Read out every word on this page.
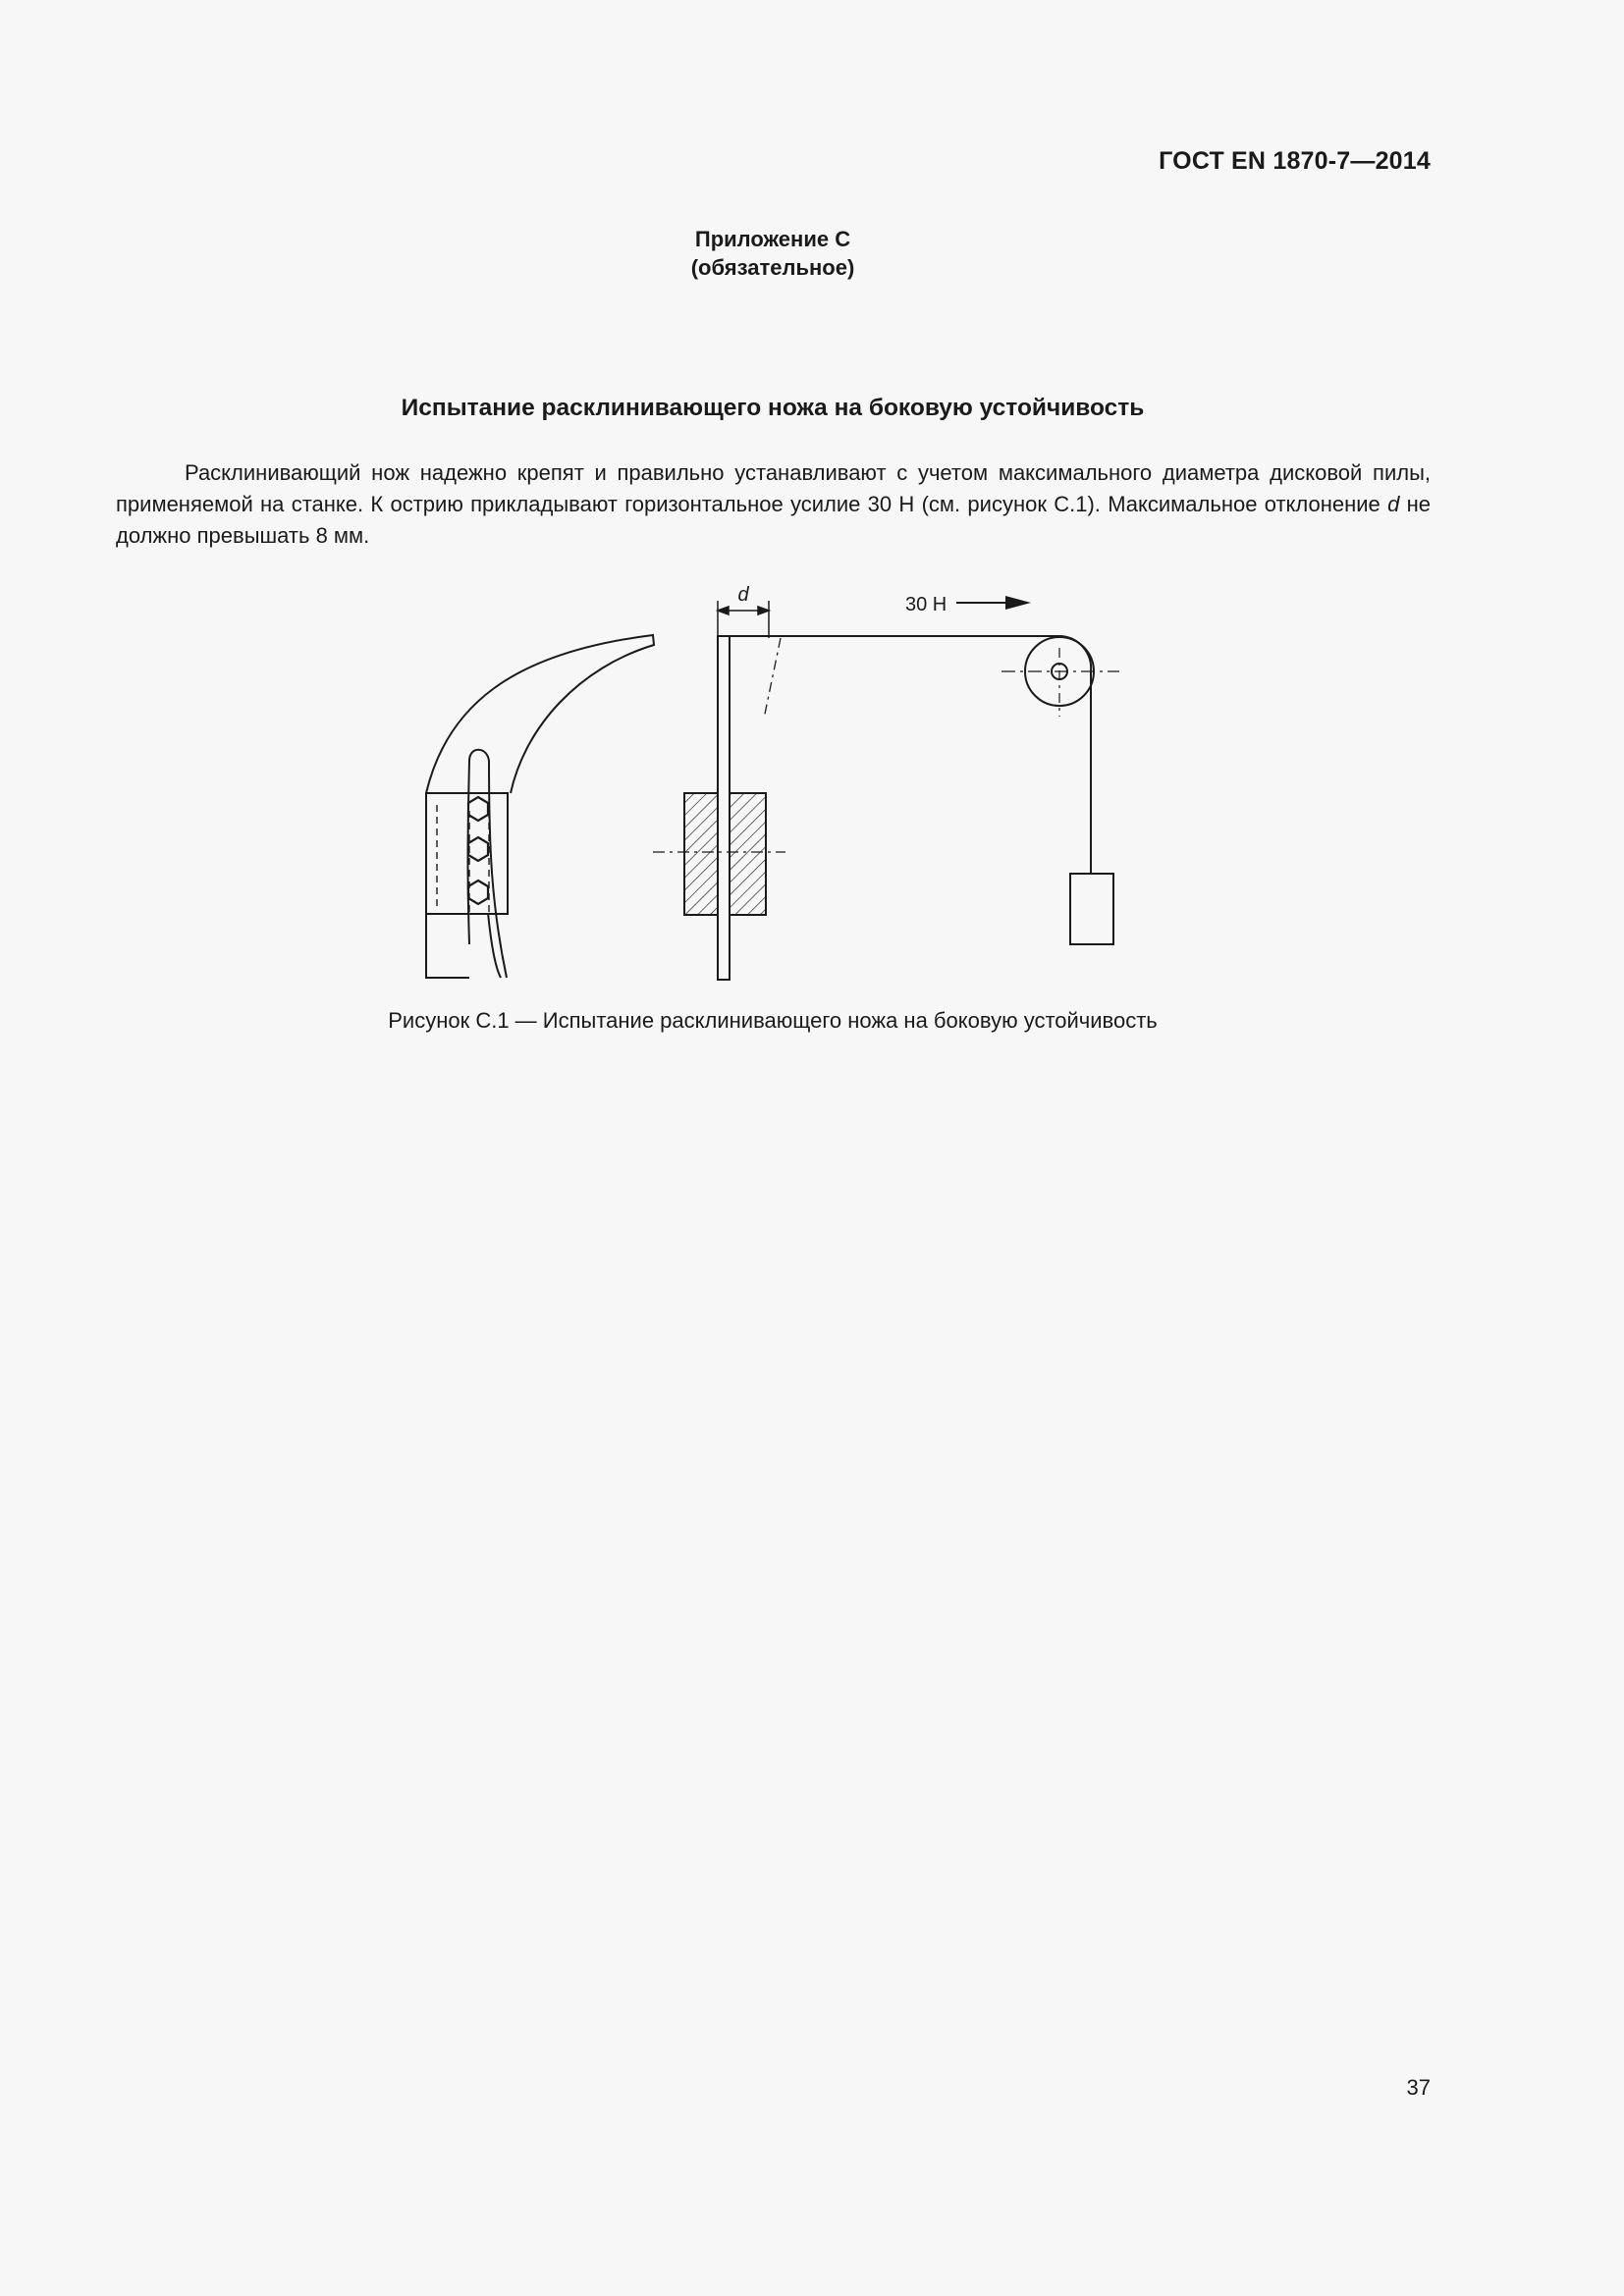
ГОСТ EN 1870-7—2014
Приложение С
(обязательное)
Испытание расклинивающего ножа на боковую устойчивость

Расклинивающий нож надежно крепят и правильно устанавливают с учетом максимального диаметра дисковой пилы, применяемой на станке. К острию прикладывают горизонтальное усилие 30 Н (см. рисунок С.1). Максимальное отклонение d не должно превышать 8 мм.

d	30 Н
Рисунок С.1 — Испытание расклинивающего ножа на боковую устойчивость
37
